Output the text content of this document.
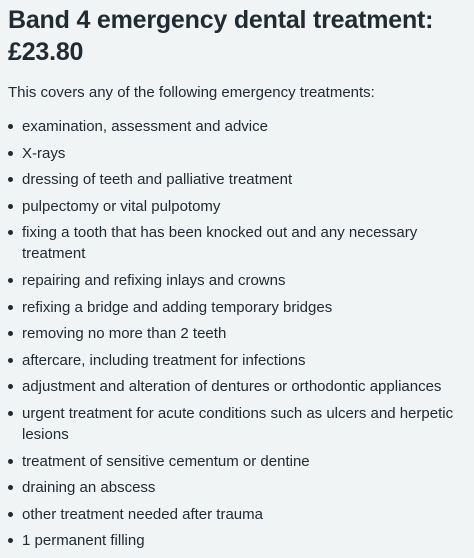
Band 4 emergency dental treatment: £23.80

This covers any of the following emergency treatments:

examination, assessment and advice
X-rays
dressing of teeth and palliative treatment
pulpectomy or vital pulpotomy
fixing a tooth that has been knocked out and any necessary treatment
repairing and refixing inlays and crowns
refixing a bridge and adding temporary bridges
removing no more than 2 teeth
aftercare, including treatment for infections
adjustment and alteration of dentures or orthodontic appliances
urgent treatment for acute conditions such as ulcers and herpetic lesions
treatment of sensitive cementum or dentine
draining an abscess
other treatment needed after trauma
1 permanent filling
